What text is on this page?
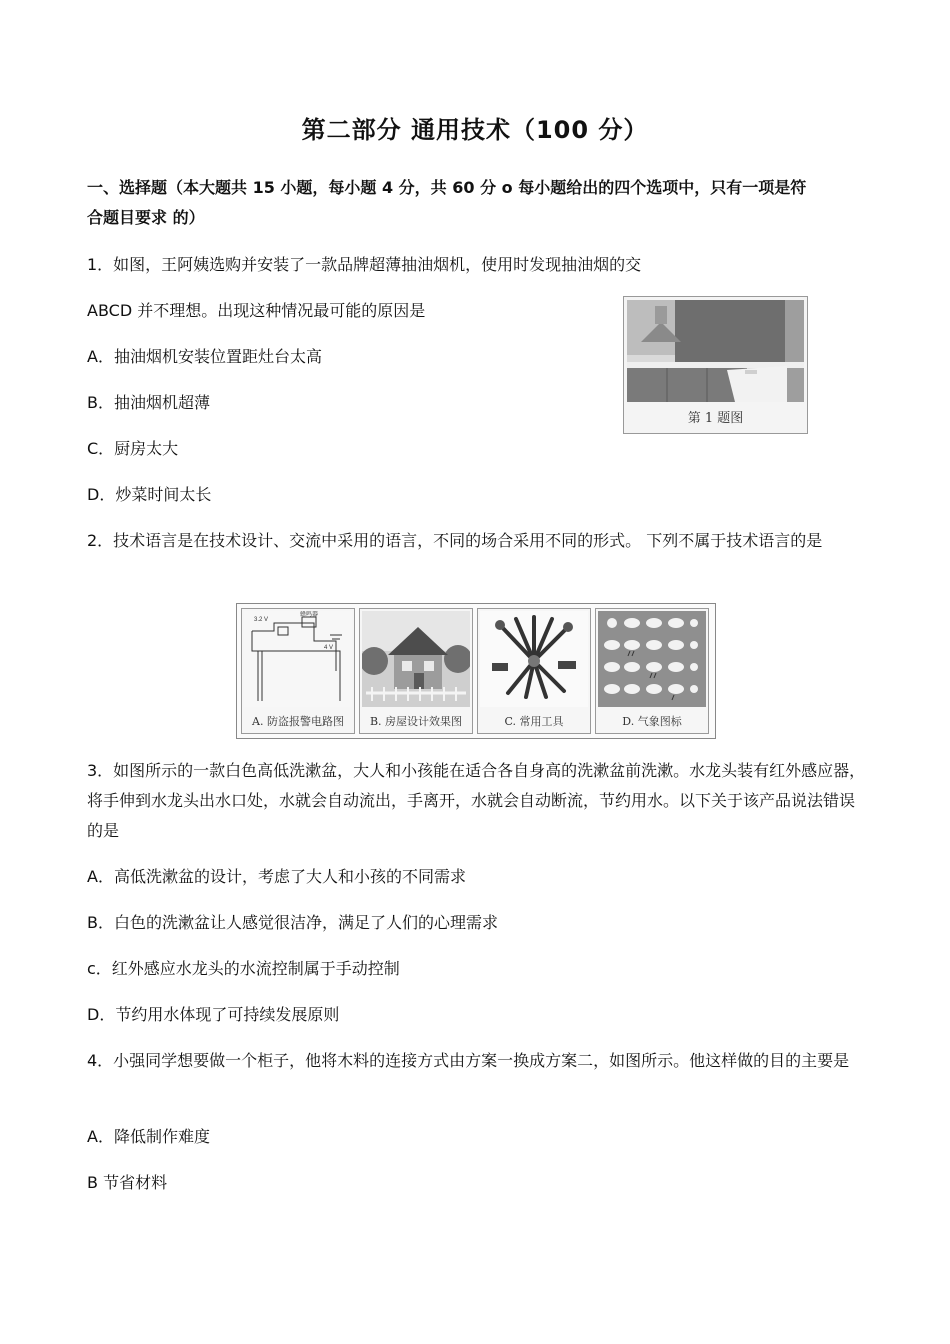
第二部分 通用技术（100 分）
一、选择题（本大题共 15 小题，每小题 4 分，共 60 分 o 每小题给出的四个选项中，只有一项是符
合题目要求 的）
1．如图，王阿姨选购并安装了一款品牌超薄抽油烟机，使用时发现抽油烟的交
ABCD 并不理想。出现这种情况最可能的原因是
A．抽油烟机安装位置距灶台太高
B．抽油烟机超薄
C．厨房太大
D．炒菜时间太长
第 1 题图
2．技术语言是在技术设计、交流中采用的语言，不同的场合采用不同的形式。 下列不属于技术语言的是
3.2 V
蜂鸣器
4 V
A. 防盗报警电路图	B. 房屋设计效果图	C. 常用工具	D. 气象图标
3．如图所示的一款白色高低洗漱盆，大人和小孩能在适合各自身高的洗漱盆前洗漱。水龙头装有红外感应器，将手伸到水龙头出水口处，水就会自动流出，手离开，水就会自动断流，节约用水。以下关于该产品说法错误的是
A．高低洗漱盆的设计，考虑了大人和小孩的不同需求
B．白色的洗漱盆让人感觉很洁净，满足了人们的心理需求
c．红外感应水龙头的水流控制属于手动控制
D．节约用水体现了可持续发展原则
4．小强同学想要做一个柜子，他将木料的连接方式由方案一换成方案二，如图所示。他这样做的目的主要是
A．降低制作难度
B 节省材料
